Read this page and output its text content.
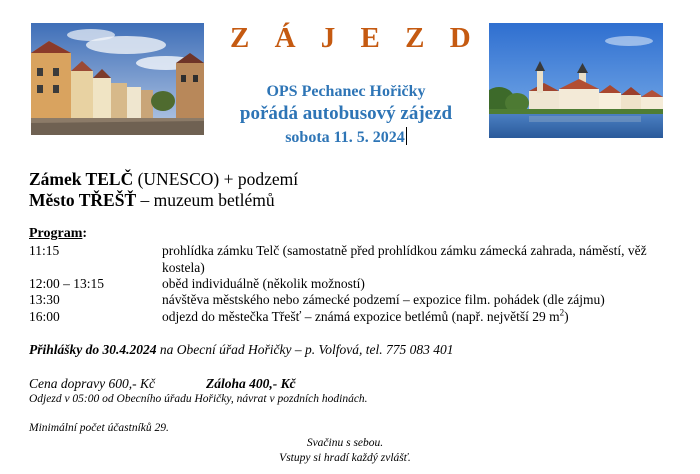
Z Á J E Z D
OPS Pechanec Hořičky
pořádá autobusový zájezd
sobota 11. 5. 2024
Zámek TELČ (UNESCO) + podzemí
Město TŘEŠŤ – muzeum betlémů
Program:
11:15	prohlídka zámku Telč (samostatně před prohlídkou zámku zámecká zahrada, náměstí, věž kostela)
12:00 – 13:15	oběd individuálně (několik možností)
13:30	návštěva městského nebo zámecké podzemí – expozice film. pohádek (dle zájmu)
16:00	odjezd do městečka Třešť – známá expozice betlémů (např. největší 29 $m^2$)
Přihlášky do 30.4.2024 na Obecní úřad Hořičky – p. Volfová, tel. 775 083 401
Cena dopravy 600,- Kč	Záloha 400,- Kč
Odjezd v 05:00 od Obecního úřadu Hořičky, návrat v pozdních hodinách.
Minimální počet účastníků 29.
Svačinu s sebou.
Vstupy si hradí každý zvlášť.
